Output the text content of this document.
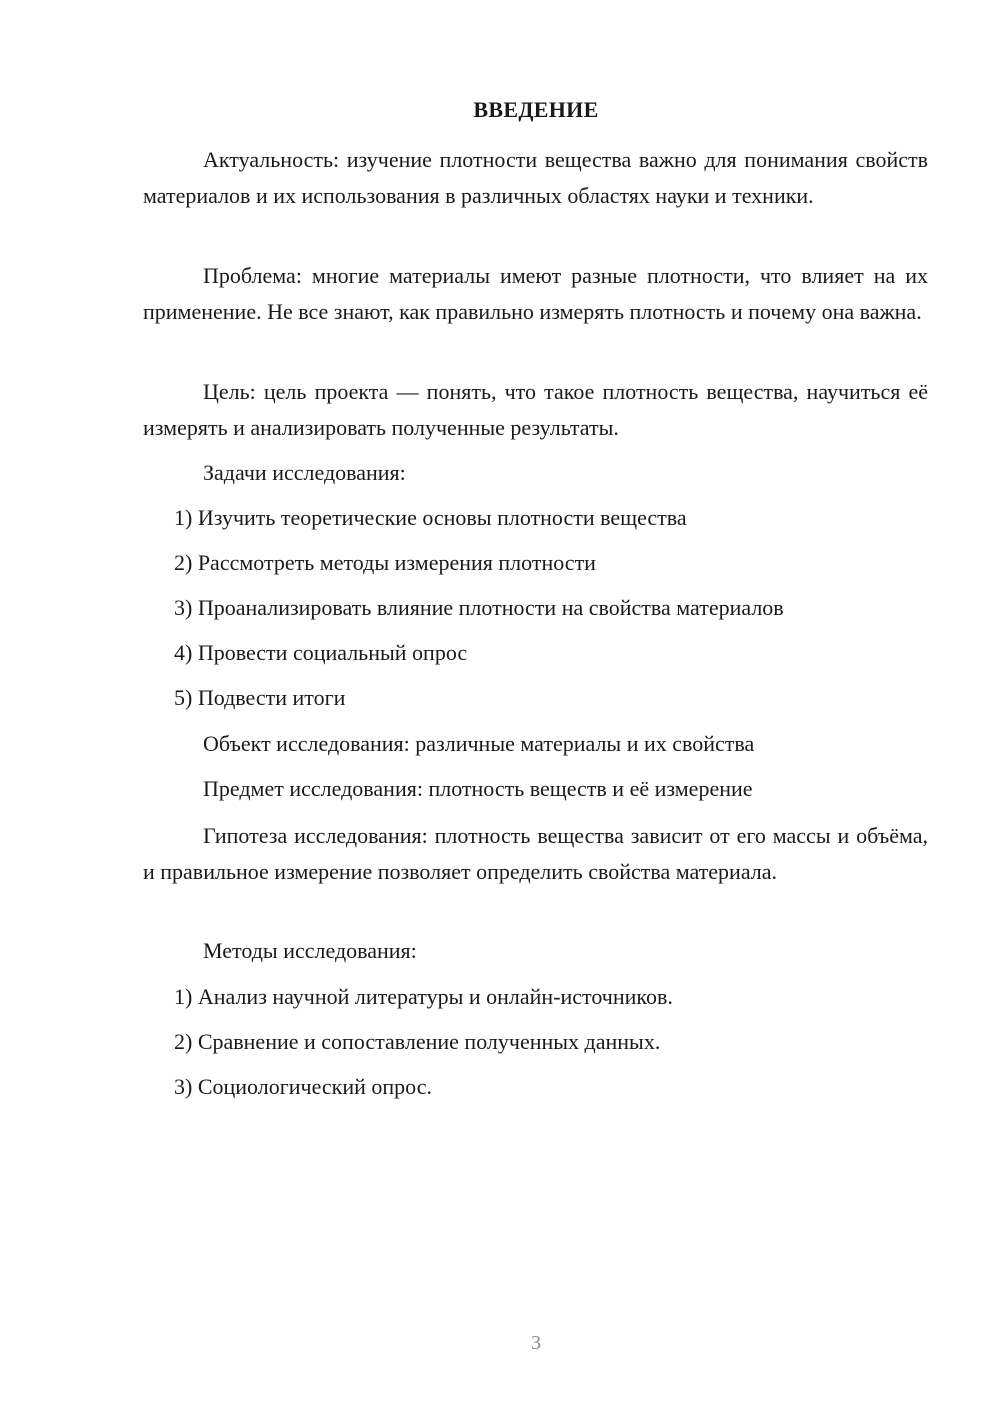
ВВЕДЕНИЕ

Актуальность: изучение плотности вещества важно для понимания свойств материалов и их использования в различных областях науки и техники.

Проблема: многие материалы имеют разные плотности, что влияет на их применение. Не все знают, как правильно измерять плотность и почему она важна.

Цель: цель проекта — понять, что такое плотность вещества, научиться её измерять и анализировать полученные результаты.

Задачи исследования:

1) Изучить теоретические основы плотности вещества

2) Рассмотреть методы измерения плотности

3) Проанализировать влияние плотности на свойства материалов

4) Провести социальный опрос

5) Подвести итоги

Объект исследования: различные материалы и их свойства

Предмет исследования: плотность веществ и её измерение

Гипотеза исследования: плотность вещества зависит от его массы и объёма, и правильное измерение позволяет определить свойства материала.

Методы исследования:

1) Анализ научной литературы и онлайн-источников.

2) Сравнение и сопоставление полученных данных.

3) Социологический опрос.

3
